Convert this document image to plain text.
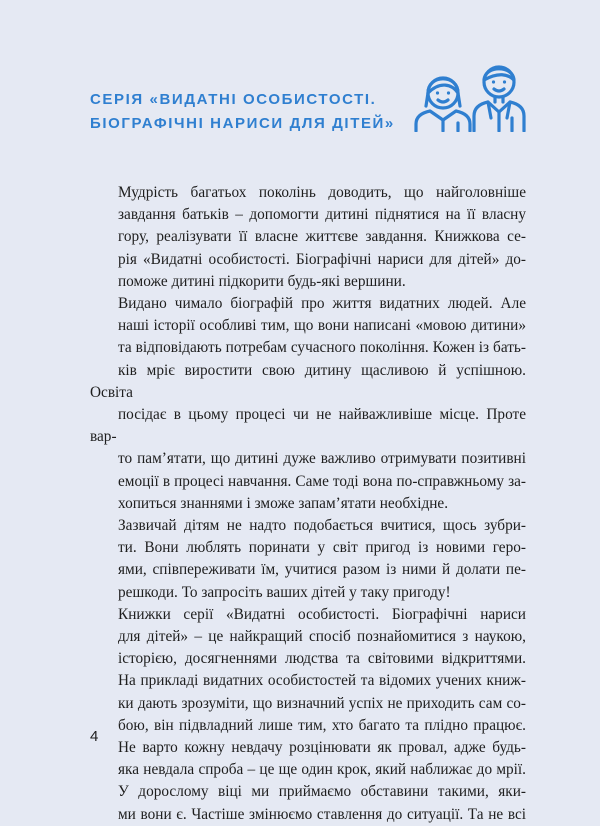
СЕРІЯ «ВИДАТНІ ОСОБИСТОСТІ.
БІОГРАФІЧНІ НАРИСИ ДЛЯ ДІТЕЙ»

Мудрість багатьох поколінь доводить, що найголовніше
завдання батьків – допомогти дитині піднятися на її власну
гору, реалізувати її власне життєве завдання. Книжкова се-
рія «Видатні особистості. Біографічні нариси для дітей» до-
поможе дитині підкорити будь-які вершини.

Видано чимало біографій про життя видатних людей. Але
наші історії особливі тим, що вони написані «мовою дитини»
та відповідають потребам сучасного покоління. Кожен із бать-
ків мріє виростити свою дитину щасливою й успішною. Освіта
посідає в цьому процесі чи не найважливіше місце. Проте вар-
то пам’ятати, що дитині дуже важливо отримувати позитивні
емоції в процесі навчання. Саме тоді вона по-справжньому за-
хопиться знаннями і зможе запам’ятати необхідне.

Зазвичай дітям не надто подобається вчитися, щось зубри-
ти. Вони люблять поринати у світ пригод із новими геро-
ями, співпереживати їм, учитися разом із ними й долати пе-
решкоди. То запросіть ваших дітей у таку пригоду!

Книжки серії «Видатні особистості. Біографічні нариси
для дітей» – це найкращий спосіб познайомитися з наукою,
історією, досягненнями людства та світовими відкриттями.
На прикладі видатних особистостей та відомих учених книж-
ки дають зрозуміти, що визначний успіх не приходить сам со-
бою, він підвладний лише тим, хто багато та плідно працює.
Не варто кожну невдачу розцінювати як провал, адже будь-
яка невдала спроба – це ще один крок, який наближає до мрії.

У дорослому віці ми приймаємо обставини такими, яки-
ми вони є. Частіше змінюємо ставлення до ситуації. Та не всі

4
